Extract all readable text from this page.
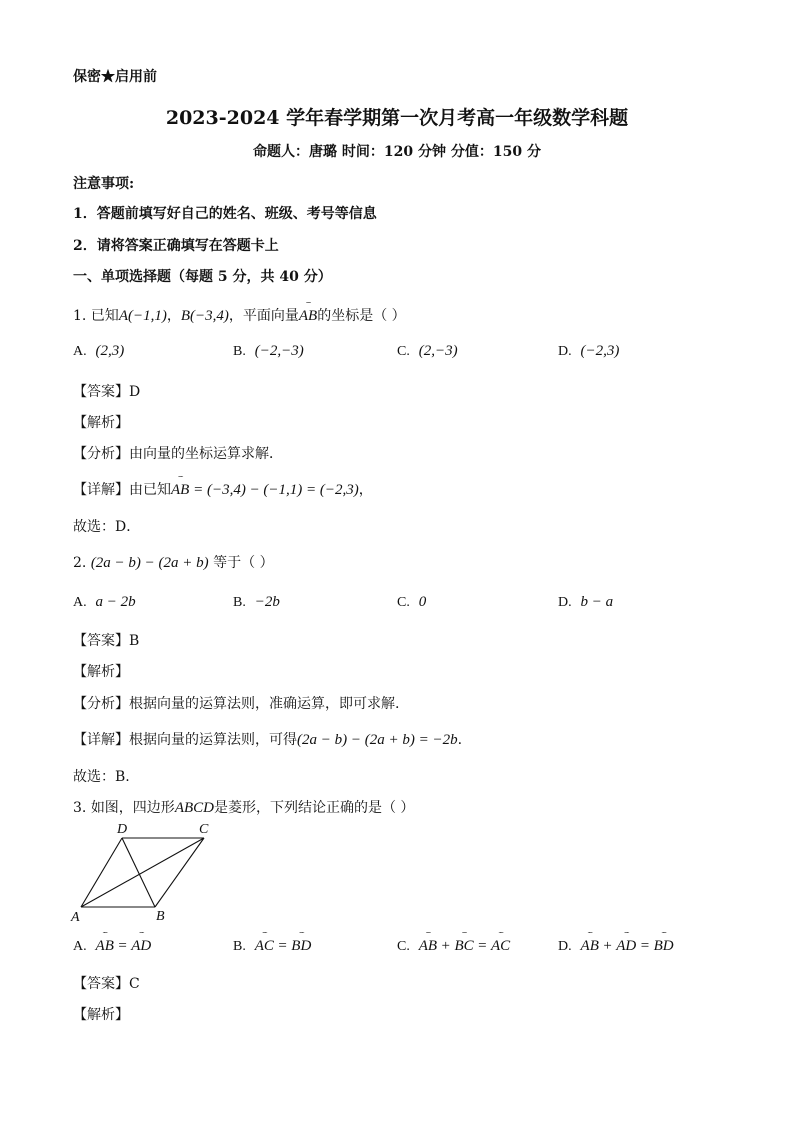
保密★启用前
2023-2024 学年春学期第一次月考高一年级数学科题
命题人：唐璐 时间：120 分钟 分值：150 分
注意事项:
1．答题前填写好自己的姓名、班级、考号等信息
2．请将答案正确填写在答题卡上
一、单项选择题（每题 5 分，共 40 分）
1. 已知A(−1,1)，B(−3,4)，平面向量ˇˇˇ AB的坐标是（ ）
A. (2,3)	B. (−2,−3)	C. (2,−3)	D. (−2,3)
【答案】D
【解析】
【分析】由向量的坐标运算求解．
【详解】由已知ˇˇˇ AB = (−3,4) − (−1,1) = (−2,3)，
故选：D．
2. (2a − b) − (2a + b) 等于（ ）
A. a − 2b	B. −2b	C. 0	D. b − a
【答案】B
【解析】
【分析】根据向量的运算法则，准确运算，即可求解.
【详解】根据向量的运算法则，可得(2a − b) − (2a + b) = −2b.
故选：B.
3. 如图，四边形ABCD是菱形，下列结论正确的是（ ）
A	B
C
D
A. ˇˇˇ AB = ˇˇˇ AD	B. ˇˇˇ AC = ˇˇˇ BD	C. ˇˇˇ AB + ˇˇˇ BC = ˇˇˇ AC	D. ˇˇˇ AB + ˇˇˇ AD = ˇˇˇ BD
【答案】C
【解析】
